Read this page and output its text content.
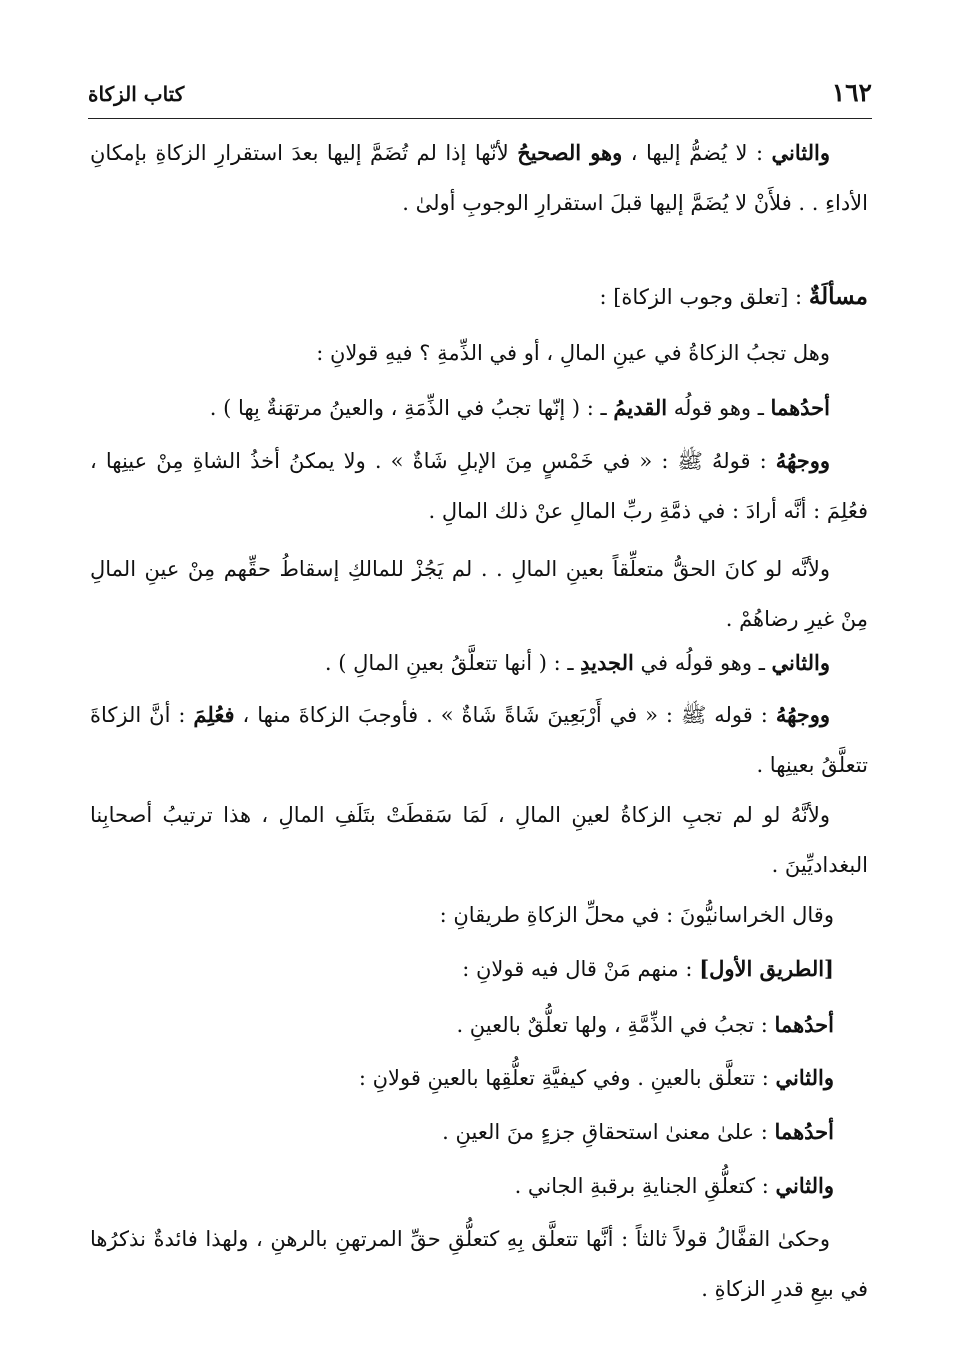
١٦٢
كتاب الزكاة

والثاني : لا يُضمُّ إليها ، وهو الصحيحُ لأنّها إذا لم تُضَمَّ إليها بعدَ استقرارِ الزكاةِ بإمكانِ الأداءِ . . فلأَنْ لا يُضَمَّ إليها قبلَ استقرارِ الوجوبِ أولىٰ .

مسألَةٌ : [تعلق وجوب الزكاة] :

وهل تجبُ الزكاةُ في عينِ المالِ ، أو في الذِّمةِ ؟ فيهِ قولانِ :

أحدُهما ـ وهو قولُه القديمُ ـ : ( إنّها تجبُ في الذِّمَةِ ، والعينُ مرتهَنةٌ بِها ) .

ووجهُهُ : قولهُ ﷺ : « في خَمْسٍ مِنَ الإبلِ شَاةٌ » . ولا يمكنُ أخذُ الشاةِ مِنْ عينِها ، فعُلِمَ : أنَّه أرادَ : في ذمَّةِ ربِّ المالِ عنْ ذلك المالِ .

ولأنَّه لو كانَ الحقُّ متعلِّقاً بعينِ المالِ . . لم يَجُزْ للمالكِ إسقاطُ حقِّهم مِنْ عينِ المالِ مِنْ غيرِ رضاهُمْ .

والثاني ـ وهو قولُه في الجديدِ ـ : ( أنها تتعلَّقُ بعينِ المالِ ) .

ووجهُهُ : قوله ﷺ : « في أَرْبَعِينَ شَاةً شَاةٌ » . فأوجبَ الزكاةَ منها ، فعُلِمَ : أنَّ الزكاةَ تتعلَّقُ بعينِها .

ولأنَّهُ لو لم تجبِ الزكاةُ لعينِ المالِ ، لَمَا سَقطَتْ بتَلَفِ المالِ ، هذا ترتيبُ أصحابِنا البغداديِّينَ .

وقال الخراسانيُّونَ : في محلِّ الزكاةِ طريقانِ :

[الطريق الأول] : منهم مَنْ قال فيه قولانِ :

أحدُهما : تجبُ في الذِّمَّةِ ، ولها تعلُّقٌ بالعينِ .

والثاني : تتعلَّق بالعينِ . وفي كيفيَّةِ تعلُّقِها بالعينِ قولانِ :

أحدُهما : علىٰ معنىٰ استحقاقِ جزءٍ منَ العينِ .

والثاني : كتعلُّقِ الجنايةِ برقبةِ الجاني .

وحكىٰ القفَّالُ قولاً ثالثاً : أنَّها تتعلَّق بِهِ كتعلُّقِ حقِّ المرتهنِ بالرهنِ ، ولهذا فائدةٌ نذكرُها في بيعِ قدرِ الزكاةِ .
